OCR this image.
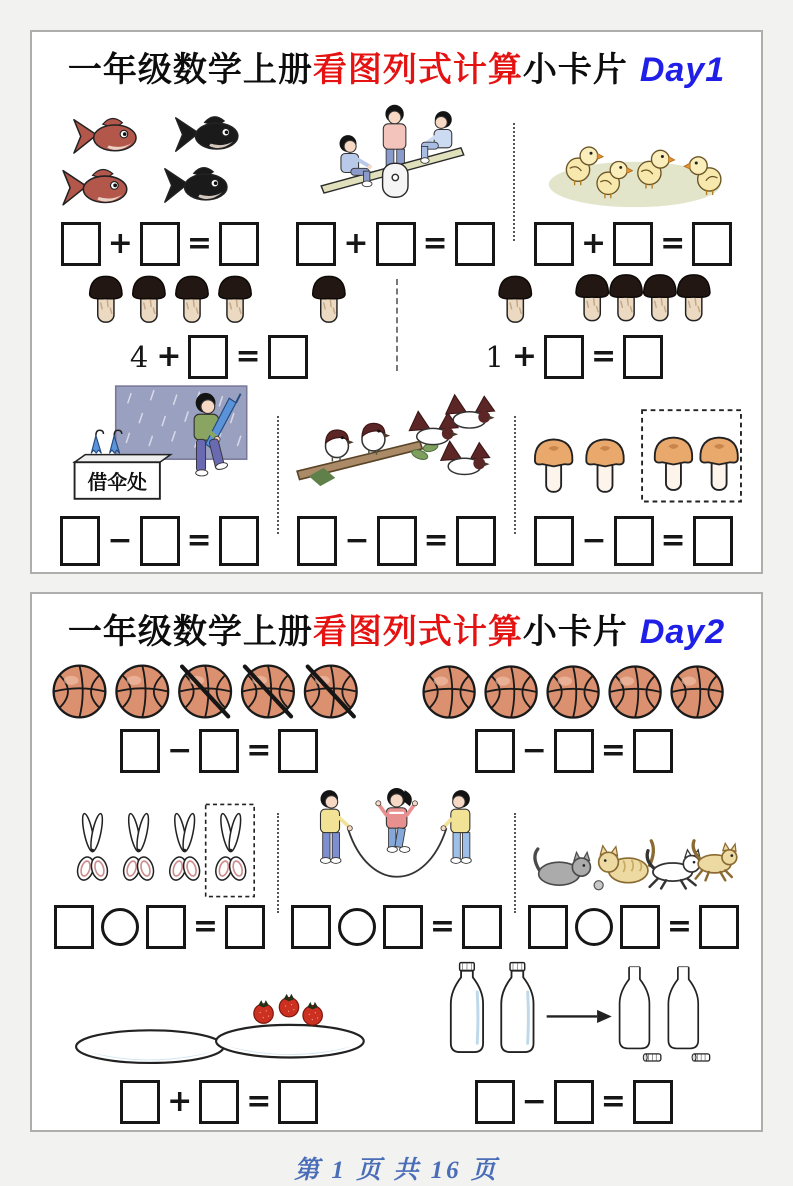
一年级数学上册 看图列式计算 小卡片 Day1
+ =	+ =	+ =
4 + =	1 + =
借伞处
− =	− =	− =
一年级数学上册 看图列式计算 小卡片 Day2
− =	− =
=	=	=
+ =	− =
第 1 页 共 16 页
